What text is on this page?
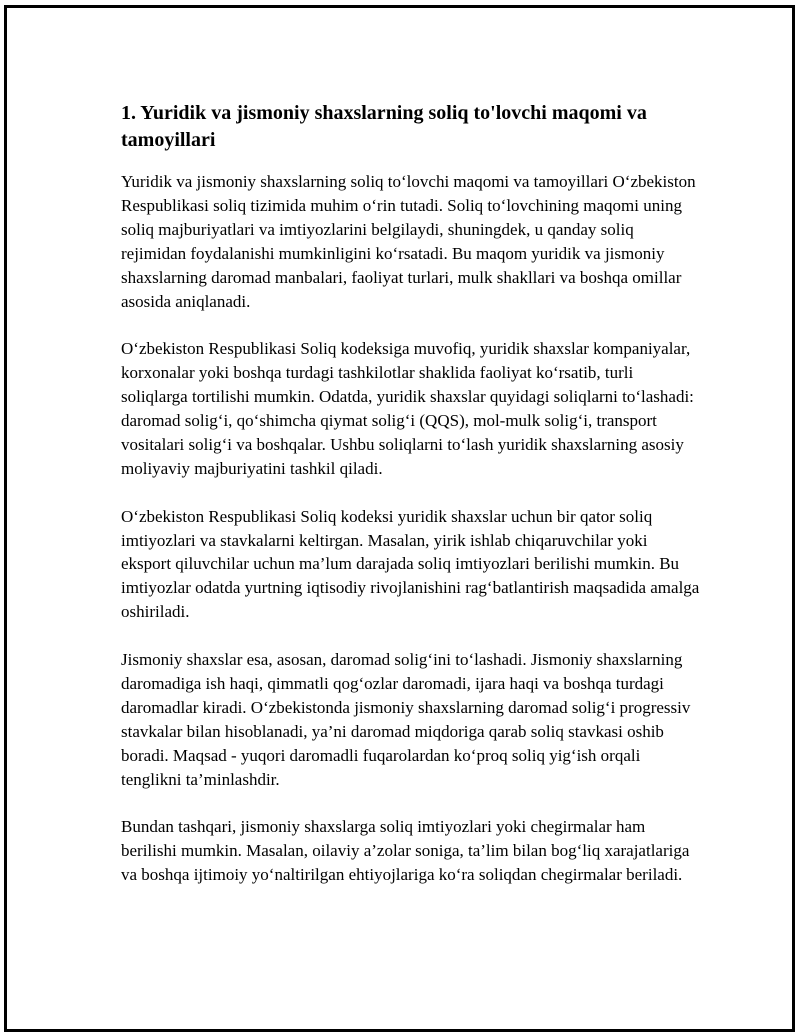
1. Yuridik va jismoniy shaxslarning soliq to'lovchi maqomi va tamoyillari

Yuridik va jismoniy shaxslarning soliq to‘lovchi maqomi va tamoyillari O‘zbekiston Respublikasi soliq tizimida muhim o‘rin tutadi. Soliq to‘lovchining maqomi uning soliq majburiyatlari va imtiyozlarini belgilaydi, shuningdek, u qanday soliq rejimidan foydalanishi mumkinligini ko‘rsatadi. Bu maqom yuridik va jismoniy shaxslarning daromad manbalari, faoliyat turlari, mulk shakllari va boshqa omillar asosida aniqlanadi.

O‘zbekiston Respublikasi Soliq kodeksiga muvofiq, yuridik shaxslar kompaniyalar, korxonalar yoki boshqa turdagi tashkilotlar shaklida faoliyat ko‘rsatib, turli soliqlarga tortilishi mumkin. Odatda, yuridik shaxslar quyidagi soliqlarni to‘lashadi: daromad solig‘i, qo‘shimcha qiymat solig‘i (QQS), mol-mulk solig‘i, transport vositalari solig‘i va boshqalar. Ushbu soliqlarni to‘lash yuridik shaxslarning asosiy moliyaviy majburiyatini tashkil qiladi.

O‘zbekiston Respublikasi Soliq kodeksi yuridik shaxslar uchun bir qator soliq imtiyozlari va stavkalarni keltirgan. Masalan, yirik ishlab chiqaruvchilar yoki eksport qiluvchilar uchun ma’lum darajada soliq imtiyozlari berilishi mumkin. Bu imtiyozlar odatda yurtning iqtisodiy rivojlanishini rag‘batlantirish maqsadida amalga oshiriladi.

Jismoniy shaxslar esa, asosan, daromad solig‘ini to‘lashadi. Jismoniy shaxslarning daromadiga ish haqi, qimmatli qog‘ozlar daromadi, ijara haqi va boshqa turdagi daromadlar kiradi. O‘zbekistonda jismoniy shaxslarning daromad solig‘i progressiv stavkalar bilan hisoblanadi, ya’ni daromad miqdoriga qarab soliq stavkasi oshib boradi. Maqsad - yuqori daromadli fuqarolardan ko‘proq soliq yig‘ish orqali tenglikni ta’minlashdir.

Bundan tashqari, jismoniy shaxslarga soliq imtiyozlari yoki chegirmalar ham berilishi mumkin. Masalan, oilaviy a’zolar soniga, ta’lim bilan bog‘liq xarajatlariga va boshqa ijtimoiy yo‘naltirilgan ehtiyojlariga ko‘ra soliqdan chegirmalar beriladi.
